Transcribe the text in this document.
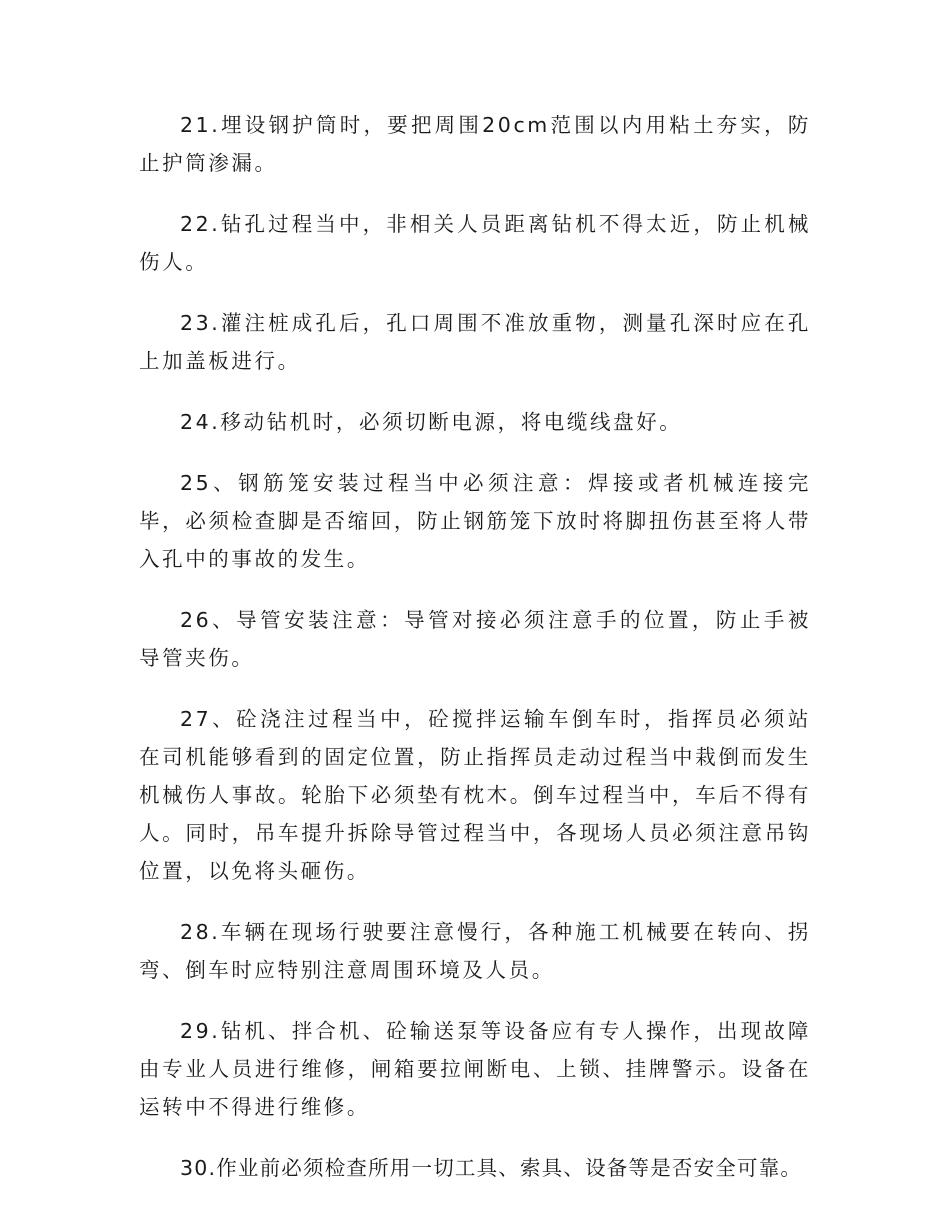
21.埋设钢护筒时，要把周围20cm范围以内用粘土夯实，防止护筒渗漏。

22.钻孔过程当中，非相关人员距离钻机不得太近，防止机械伤人。

23.灌注桩成孔后，孔口周围不准放重物，测量孔深时应在孔上加盖板进行。

24.移动钻机时，必须切断电源，将电缆线盘好。

25、钢筋笼安装过程当中必须注意：焊接或者机械连接完毕，必须检查脚是否缩回，防止钢筋笼下放时将脚扭伤甚至将人带入孔中的事故的发生。

26、导管安装注意：导管对接必须注意手的位置，防止手被导管夹伤。

27、砼浇注过程当中，砼搅拌运输车倒车时，指挥员必须站在司机能够看到的固定位置，防止指挥员走动过程当中栽倒而发生机械伤人事故。轮胎下必须垫有枕木。倒车过程当中，车后不得有人。同时，吊车提升拆除导管过程当中，各现场人员必须注意吊钩位置，以免将头砸伤。

28.车辆在现场行驶要注意慢行，各种施工机械要在转向、拐弯、倒车时应特别注意周围环境及人员。

29.钻机、拌合机、砼输送泵等设备应有专人操作，出现故障由专业人员进行维修，闸箱要拉闸断电、上锁、挂牌警示。设备在运转中不得进行维修。

30.作业前必须检查所用一切工具、索具、设备等是否安全可靠。
